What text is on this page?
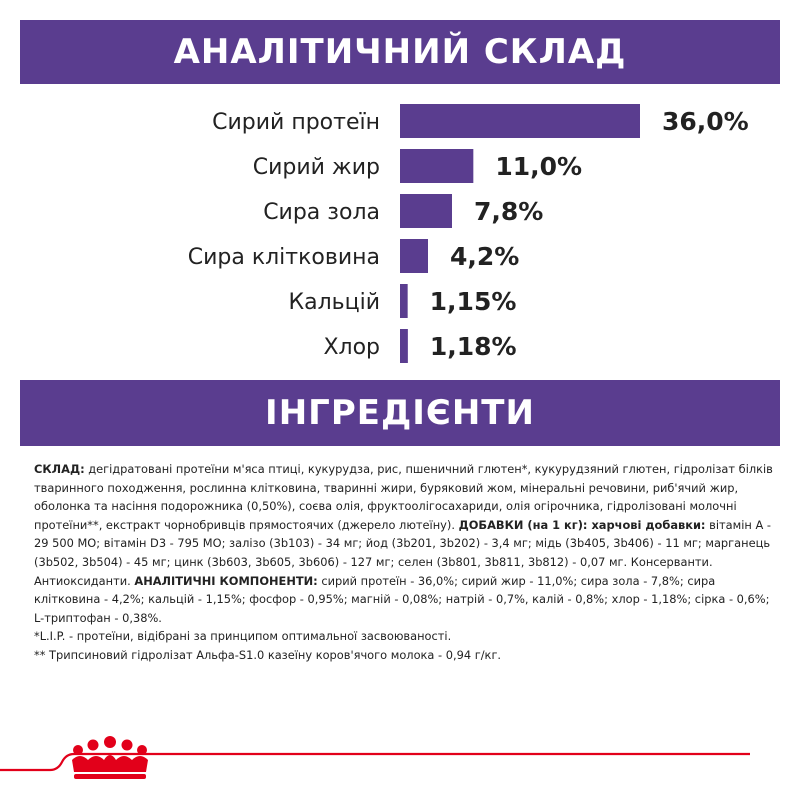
АНАЛІТИЧНИЙ СКЛАД
Сирий протеїн	36,0%
Сирий жир	11,0%
Сира зола	7,8%
Сира клітковина	4,2%
Кальцій 1,15%
Хлор 1,18%
ІНГРЕДІЄНТИ

СКЛАД: дегідратовані протеїни м'яса птиці, кукурудза, рис, пшеничний глютен*, кукурудзяний глютен, гідролізат білків тваринного походження, рослинна клітковина, тваринні жири, буряковий жом, мінеральні речовини, риб'ячий жир, оболонка та насіння подорожника (0,50%), соєва олія, фруктоолігосахариди, олія огірочника, гідролізовані молочні протеїни**, екстракт чорнобривців прямостоячих (джерело лютеїну). ДОБАВКИ (на 1 кг): харчові добавки: вітамін A - 29 500 МО; вітамін D3 - 795 МО; залізо (3b103) - 34 мг; йод (3b201, 3b202) - 3,4 мг; мідь (3b405, 3b406) - 11 мг; марганець (3b502, 3b504) - 45 мг; цинк (3b603, 3b605, 3b606) - 127 мг; селен (3b801, 3b811, 3b812) - 0,07 мг. Консерванти. Антиоксиданти. АНАЛІТИЧНІ КОМПОНЕНТИ: сирий протеїн - 36,0%; сирий жир - 11,0%; сира зола - 7,8%; сира клітковина - 4,2%; кальцій - 1,15%; фосфор - 0,95%; магній - 0,08%; натрій - 0,7%, калій - 0,8%; хлор - 1,18%; сірка - 0,6%; L-триптофан - 0,38%.

*L.I.P. - протеїни, відібрані за принципом оптимальної засвоюваності.

** Трипсиновий гідролізат Альфа-S1.0 казеїну коров'ячого молока - 0,94 г/кг.
